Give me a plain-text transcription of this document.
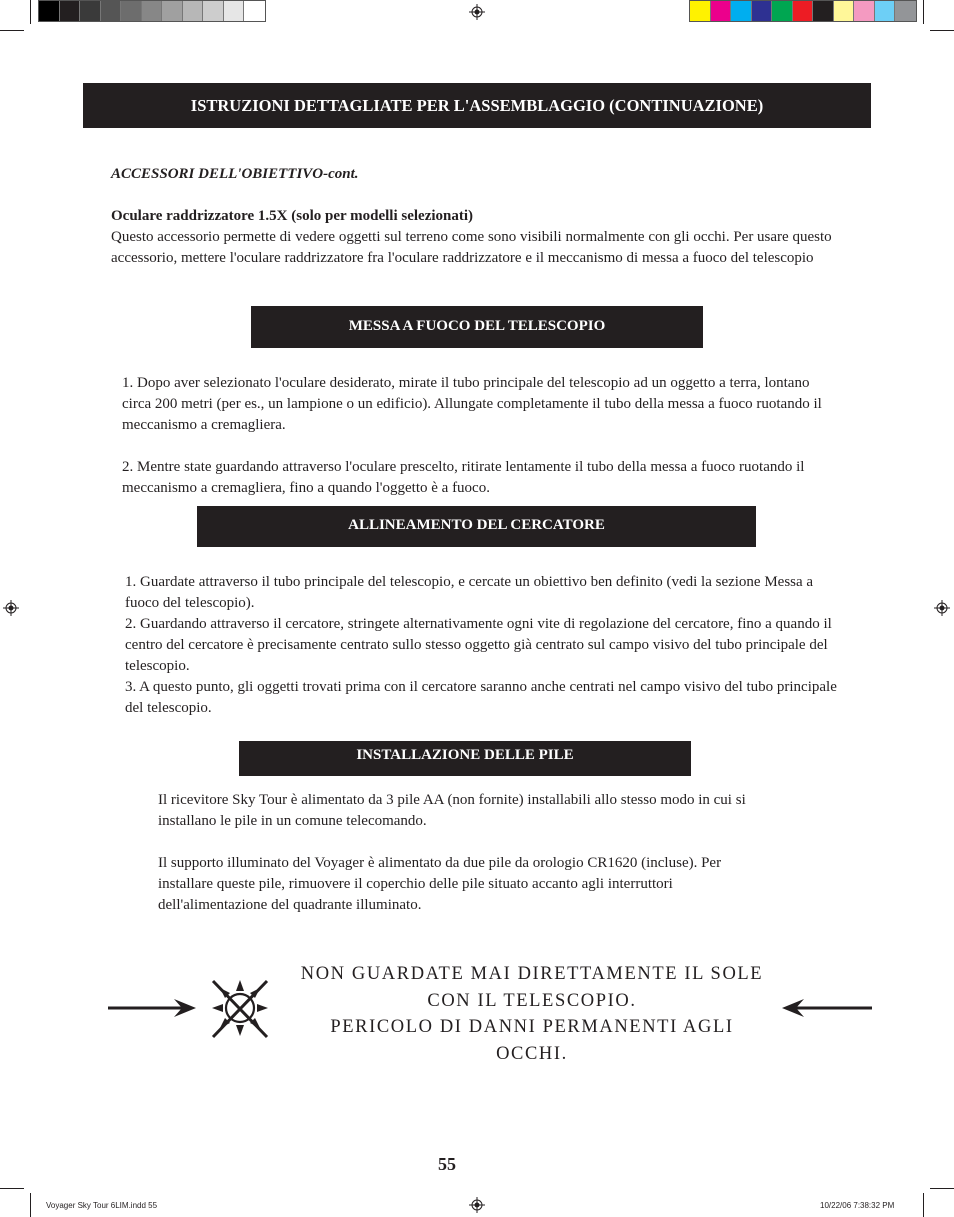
ISTRUZIONI DETTAGLIATE PER L'ASSEMBLAGGIO (CONTINUAZIONE)
ACCESSORI DELL'OBIETTIVO-cont.
Oculare raddrizzatore 1.5X (solo per modelli selezionati)
Questo accessorio permette di vedere oggetti sul terreno come sono visibili normalmente con gli occhi. Per usare questo accessorio, mettere l'oculare raddrizzatore fra l'oculare raddrizzatore e il meccanismo di messa a fuoco del telescopio
MESSA A FUOCO DEL TELESCOPIO
1. Dopo aver selezionato l'oculare desiderato, mirate il tubo principale del telescopio ad un oggetto a terra, lontano circa 200 metri (per es., un lampione o un edificio). Allungate completamente il tubo della messa a fuoco ruotando il meccanismo a cremagliera.
2. Mentre state guardando attraverso l'oculare prescelto, ritirate lentamente il tubo della messa a fuoco ruotando il meccanismo a cremagliera, fino a quando l'oggetto è a fuoco.
ALLINEAMENTO DEL CERCATORE
1. Guardate attraverso il tubo principale del telescopio, e cercate un obiettivo ben definito (vedi la sezione Messa a fuoco del telescopio).
2. Guardando attraverso il cercatore, stringete alternativamente ogni vite di regolazione del cercatore, fino a quando il centro del cercatore è precisamente centrato sullo stesso oggetto già centrato sul campo visivo del tubo principale del telescopio.
3. A questo punto, gli oggetti trovati prima con il cercatore saranno anche centrati nel campo visivo del tubo principale del telescopio.
INSTALLAZIONE DELLE PILE
Il ricevitore Sky Tour è alimentato da 3 pile AA (non fornite) installabili allo stesso modo in cui si installano le pile in un comune telecomando.
Il supporto illuminato del Voyager è alimentato da due pile da orologio CR1620 (incluse). Per installare queste pile, rimuovere il coperchio delle pile situato accanto agli interruttori dell'alimentazione del quadrante illuminato.
NON GUARDATE MAI DIRETTAMENTE IL SOLE CON IL TELESCOPIO.
PERICOLO DI DANNI PERMANENTI AGLI OCCHI.
55
Voyager Sky Tour 6LIM.indd 55	10/22/06 7:38:32 PM
